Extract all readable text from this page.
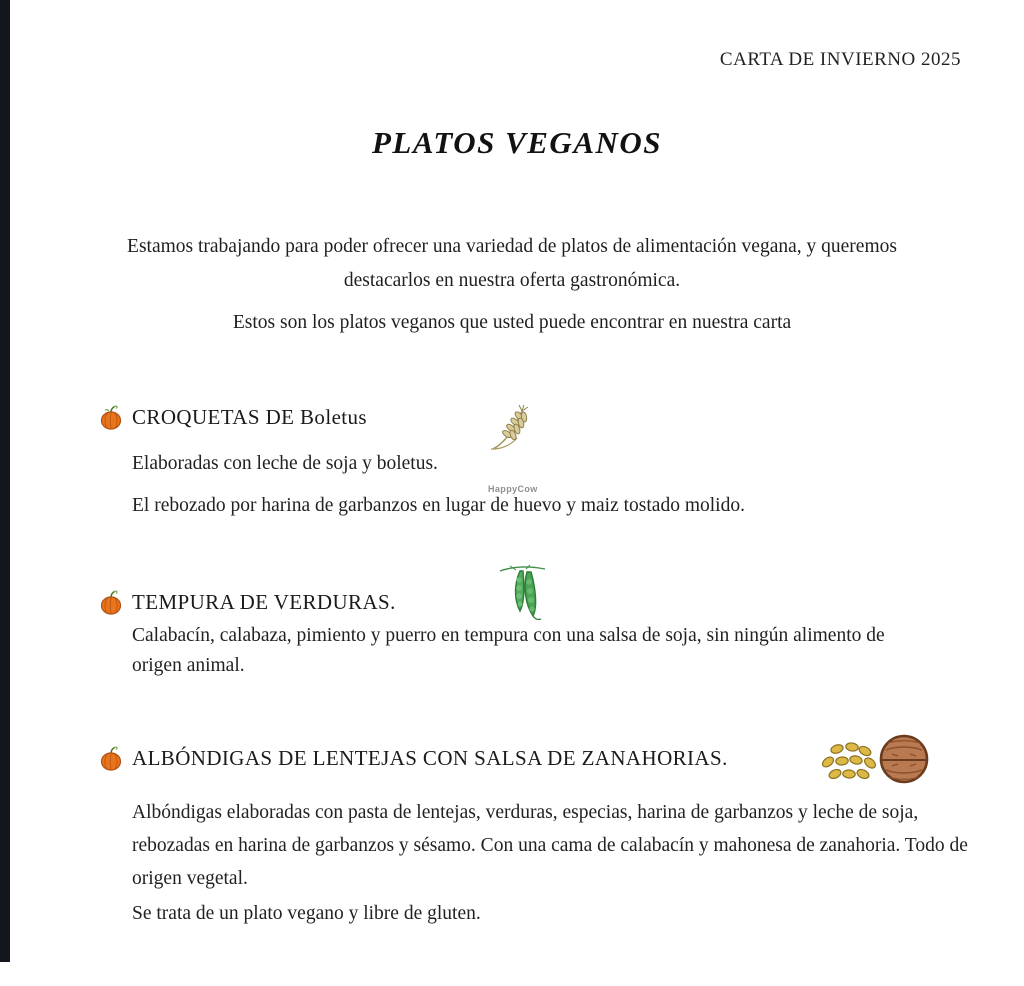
CARTA DE INVIERNO 2025
PLATOS VEGANOS

Estamos trabajando para poder ofrecer una variedad de platos de alimentación vegana, y queremos destacarlos en nuestra oferta gastronómica.

Estos son los platos veganos que usted puede encontrar en nuestra carta

CROQUETAS DE Boletus

Elaboradas con leche de soja y boletus.

HappyCow

El rebozado por harina de garbanzos en lugar de huevo y maiz tostado molido.

TEMPURA DE VERDURAS.

Calabacín, calabaza, pimiento y puerro en tempura con una salsa de soja, sin ningún alimento de origen animal.

ALBÓNDIGAS DE LENTEJAS CON SALSA DE ZANAHORIAS.

Albóndigas elaboradas con pasta de lentejas, verduras, especias, harina de garbanzos y leche de soja, rebozadas en harina de garbanzos y sésamo. Con una cama de calabacín y mahonesa de zanahoria. Todo de origen vegetal.

Se trata de un plato vegano y libre de gluten.
